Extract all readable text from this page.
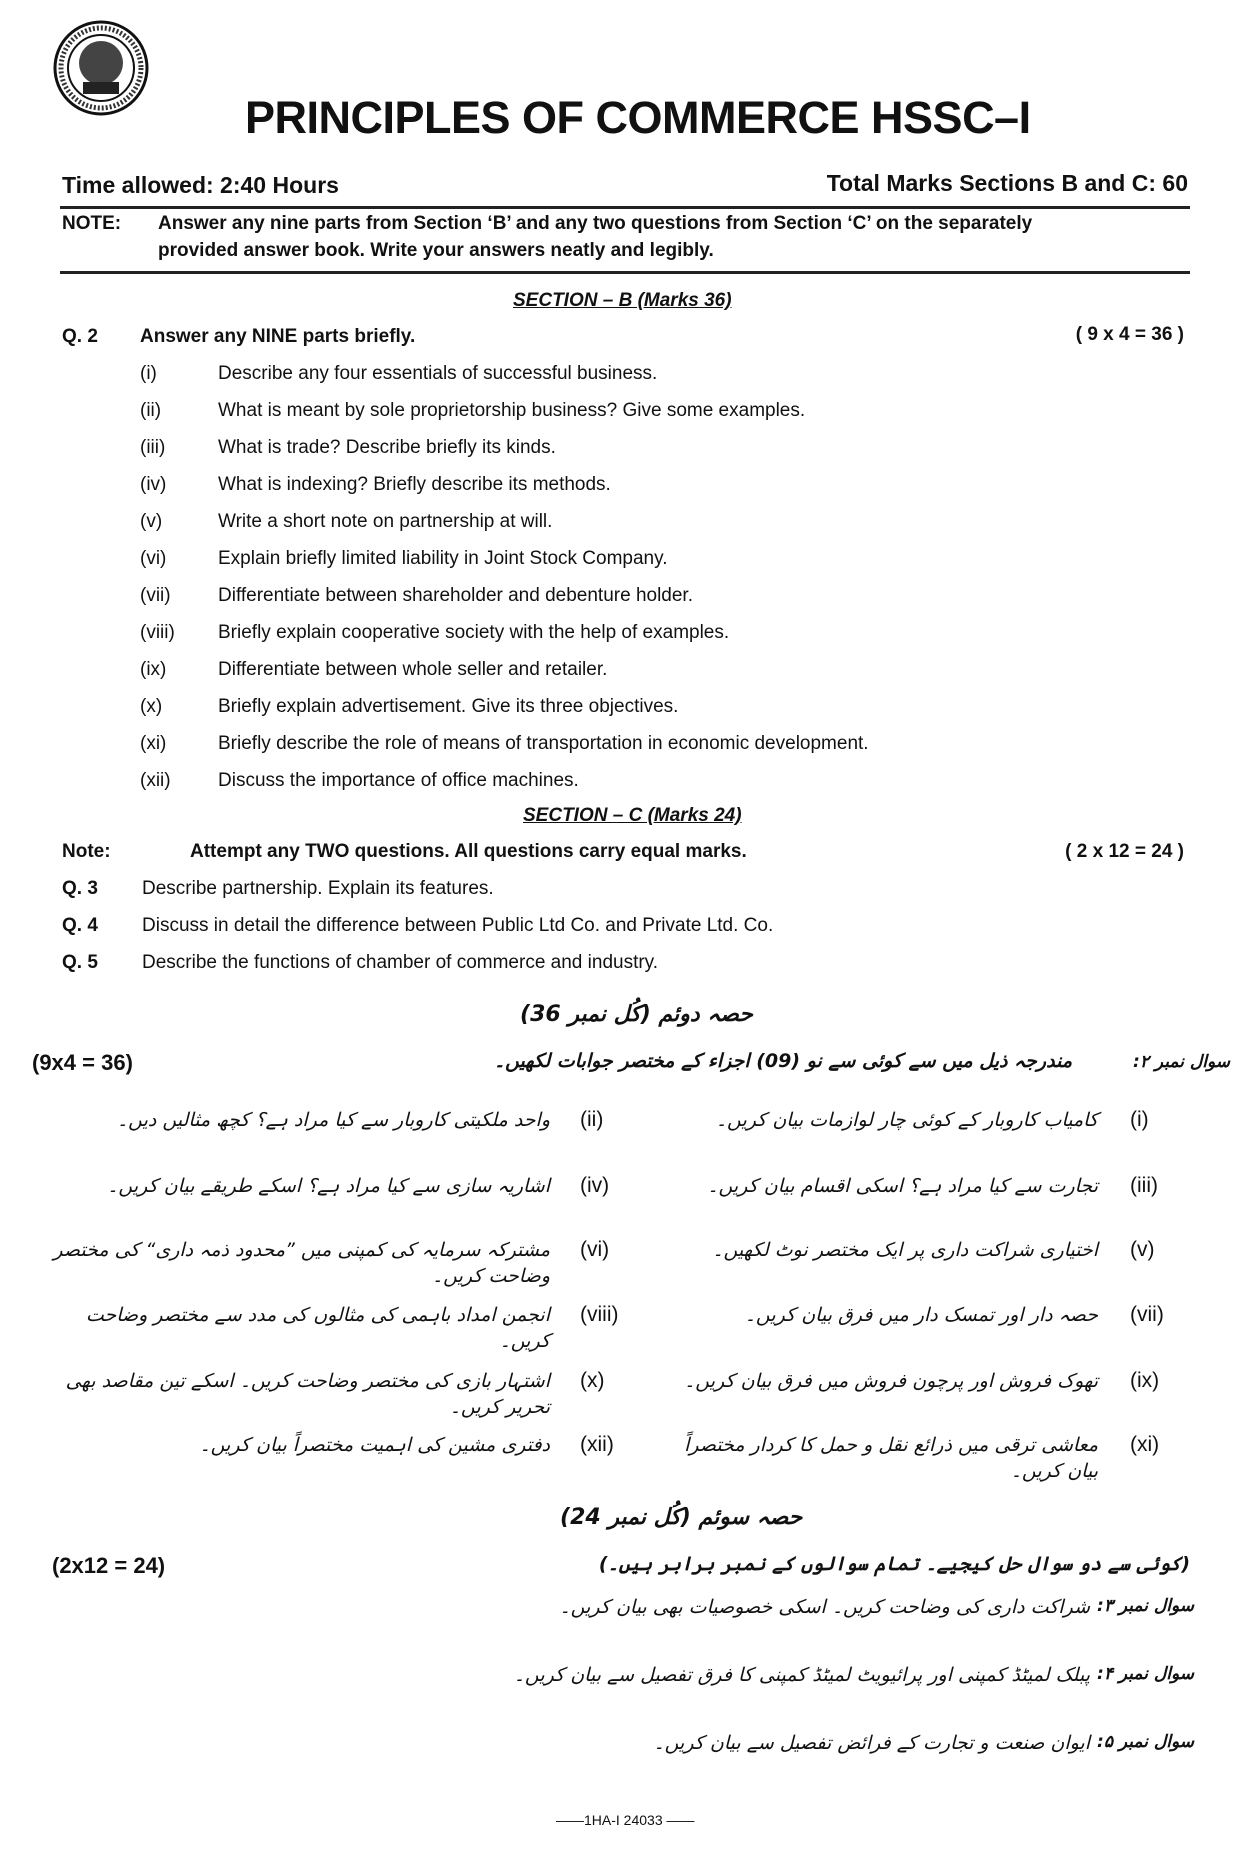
PRINCIPLES OF COMMERCE HSSC–I
Time allowed: 2:40 Hours	Total Marks Sections B and C: 60
NOTE: Answer any nine parts from Section ‘B’ and any two questions from Section ‘C’ on the separately
provided answer book. Write your answers neatly and legibly.
SECTION – B (Marks 36)
Q. 2 Answer any NINE parts briefly.	( 9 x 4 = 36 )
(i)	Describe any four essentials of successful business.
(ii)	What is meant by sole proprietorship business? Give some examples.
(iii)	What is trade? Describe briefly its kinds.
(iv)	What is indexing? Briefly describe its methods.
(v)	Write a short note on partnership at will.
(vi)	Explain briefly limited liability in Joint Stock Company.
(vii) Differentiate between shareholder and debenture holder.
(viii) Briefly explain cooperative society with the help of examples.
(ix)	Differentiate between whole seller and retailer.
(x)	Briefly explain advertisement. Give its three objectives.
(xi)	Briefly describe the role of means of transportation in economic development.
(xii) Discuss the importance of office machines.
SECTION – C (Marks 24)
Note:	Attempt any TWO questions. All questions carry equal marks.	( 2 x 12 = 24 )
Q. 3 Describe partnership. Explain its features.
Q. 4 Discuss in detail the difference between Public Ltd Co. and Private Ltd. Co.
Q. 5 Describe the functions of chamber of commerce and industry.
حصہ دوئم (کُل نمبر 36)
(9x4 = 36)	سوال نمبر ۲:
مندرجہ ذیل میں سے کوئی سے نو (09) اجزاء کے مختصر جوابات لکھیں۔
(i)
کامیاب کاروبار کے کوئی چار لوازمات بیان کریں۔
(ii)
واحد ملکیتی کاروبار سے کیا مراد ہے؟ کچھ مثالیں دیں۔
(iii)
تجارت سے کیا مراد ہے؟ اسکی اقسام بیان کریں۔
(iv)
اشاریہ سازی سے کیا مراد ہے؟ اسکے طریقے بیان کریں۔
(v)
اختیاری شراکت داری پر ایک مختصر نوٹ لکھیں۔
(vi)
مشترکہ سرمایہ کی کمپنی میں ”محدود ذمہ داری“ کی مختصر وضاحت کریں۔
(vii)
حصہ دار اور تمسک دار میں فرق بیان کریں۔
(viii)
انجمن امداد باہمی کی مثالوں کی مدد سے مختصر وضاحت کریں۔
(ix)
تھوک فروش اور پرچون فروش میں فرق بیان کریں۔
(x)
اشتہار بازی کی مختصر وضاحت کریں۔ اسکے تین مقاصد بھی تحریر کریں۔
(xi)
معاشی ترقی میں ذرائع نقل و حمل کا کردار مختصراً بیان کریں۔
(xii)
دفتری مشین کی اہمیت مختصراً بیان کریں۔
حصہ سوئم (کُل نمبر 24)
(2x12 = 24)	(کوئی سے دو سوال حل کیجیے۔ تمام سوالوں کے نمبر برابر ہیں۔)
سوال نمبر ۳:
شراکت داری کی وضاحت کریں۔ اسکی خصوصیات بھی بیان کریں۔
سوال نمبر ۴:
پبلک لمیٹڈ کمپنی اور پرائیویٹ لمیٹڈ کمپنی کا فرق تفصیل سے بیان کریں۔
سوال نمبر ۵:
ایوان صنعت و تجارت کے فرائض تفصیل سے بیان کریں۔
——1HA-I 24033 ——
